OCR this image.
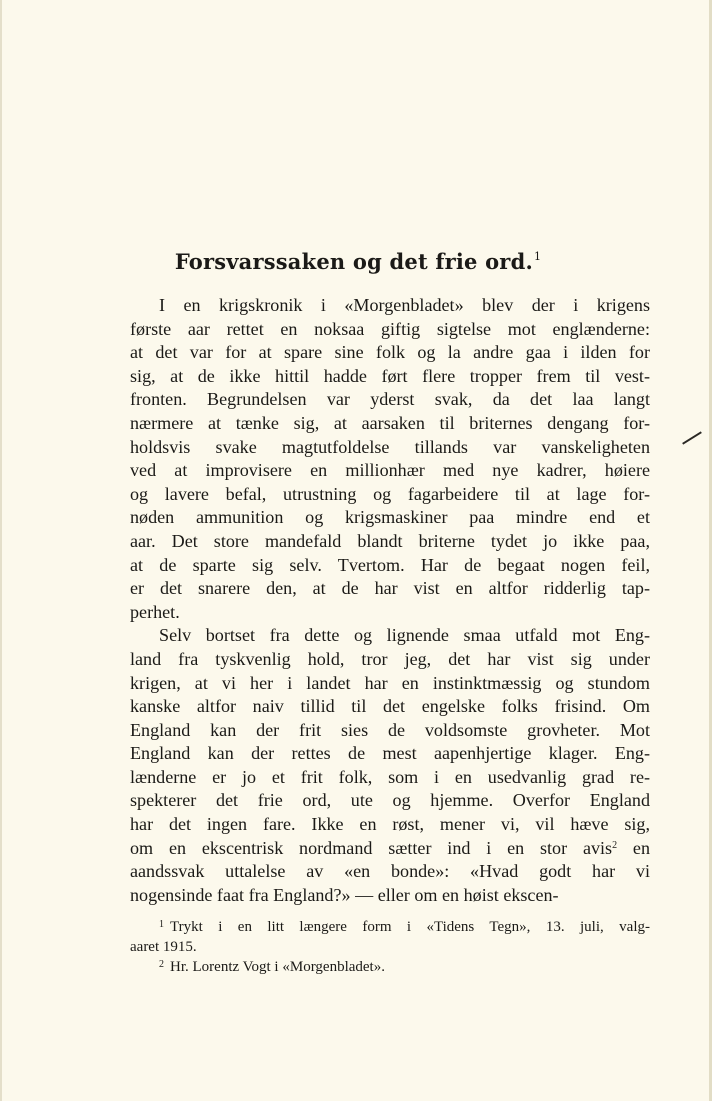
Forsvarssaken og det frie ord.$^1$
I en krigskronik i «Morgenbladet» blev der i krigens
første aar rettet en noksaa giftig sigtelse mot englænderne:
at det var for at spare sine folk og la andre gaa i ilden for
sig, at de ikke hittil hadde ført flere tropper frem til vest-
fronten. Begrundelsen var yderst svak, da det laa langt
nærmere at tænke sig, at aarsaken til briternes dengang for-
holdsvis svake magtutfoldelse tillands var vanskeligheten
ved at improvisere en millionhær med nye kadrer, høiere
og lavere befal, utrustning og fagarbeidere til at lage for-
nøden ammunition og krigsmaskiner paa mindre end et
aar. Det store mandefald blandt briterne tydet jo ikke paa,
at de sparte sig selv. Tvertom. Har de begaat nogen feil,
er det snarere den, at de har vist en altfor ridderlig tap-
perhet.
Selv bortset fra dette og lignende smaa utfald mot Eng-
land fra tyskvenlig hold, tror jeg, det har vist sig under
krigen, at vi her i landet har en instinktmæssig og stundom
kanske altfor naiv tillid til det engelske folks frisind. Om
England kan der frit sies de voldsomste grovheter. Mot
England kan der rettes de mest aapenhjertige klager. Eng-
lænderne er jo et frit folk, som i en usedvanlig grad re-
spekterer det frie ord, ute og hjemme. Overfor England
har det ingen fare. Ikke en røst, mener vi, vil hæve sig,
om en ekscentrisk nordmand sætter ind i en stor avis$^2$ en
aandssvak uttalelse av «en bonde»: «Hvad godt har vi
nogensinde faat fra England?» — eller om en høist ekscen-
$^1$ Trykt i en litt længere form i «Tidens Tegn», 13. juli, valg-
aaret 1915.
$^2$ Hr. Lorentz Vogt i «Morgenbladet».
